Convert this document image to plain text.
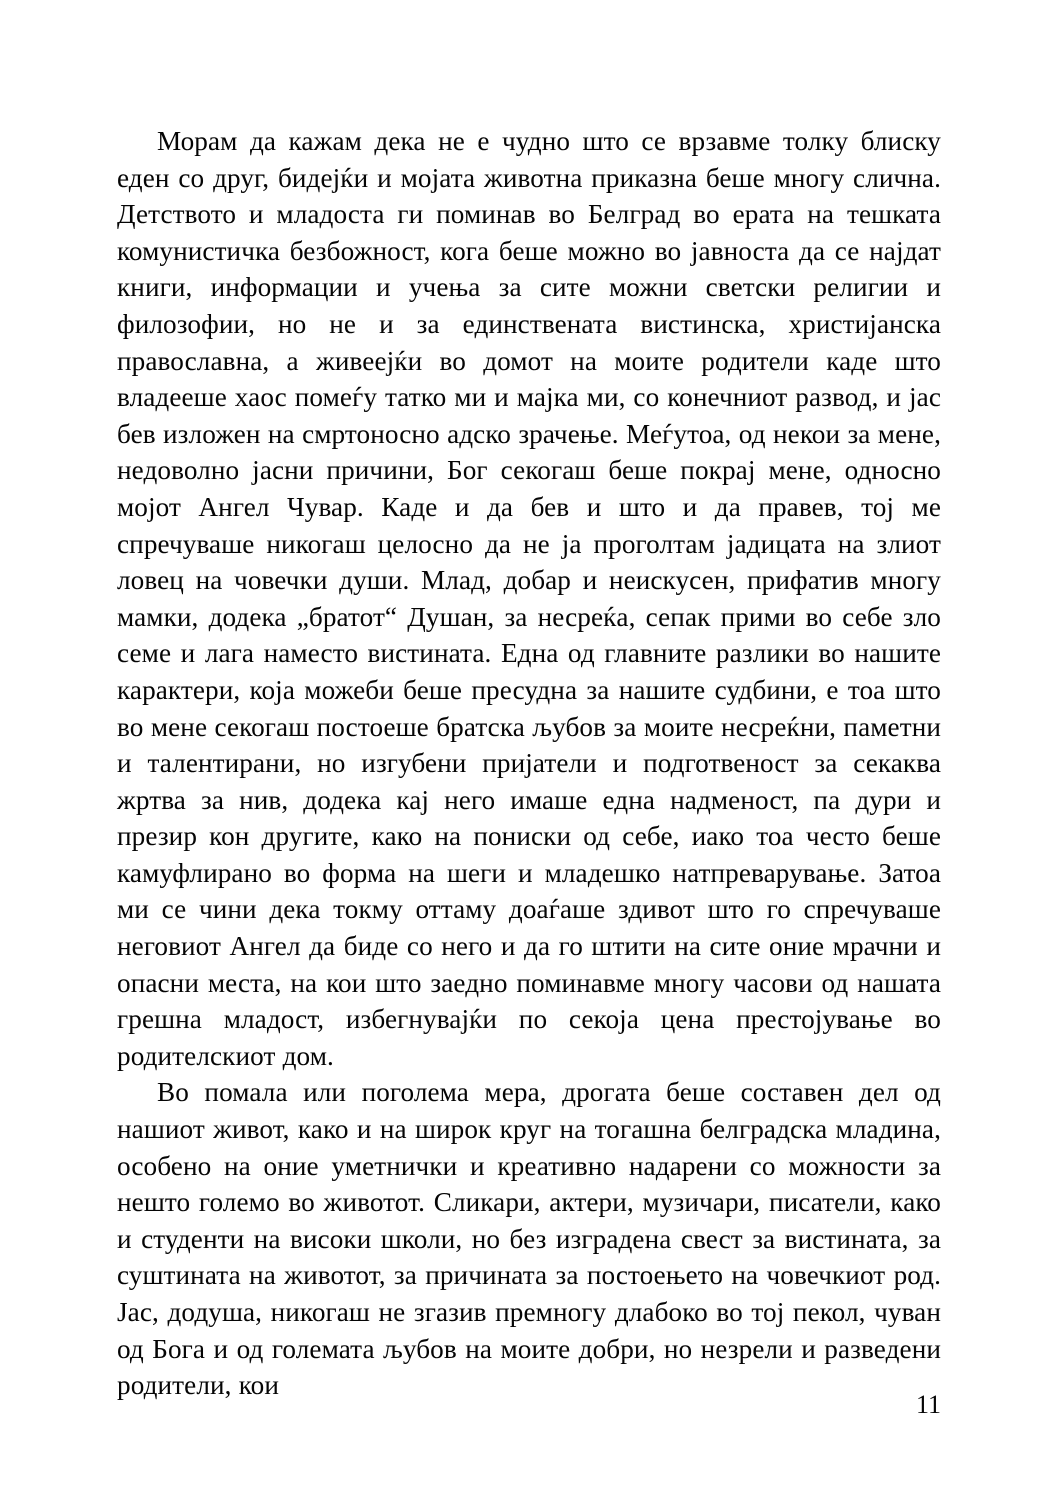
Морам да кажам дека не е чудно што се врзавме толку блиску еден со друг, бидејќи и мојата животна приказна беше многу слична. Детството и младоста ги поминав во Белград во ерата на тешката комунистичка безбожност, кога беше можно во јавноста да се најдат книги, информации и учења за сите можни светски религии и филозофии, но не и за единствената вистинска, христијанска православна, а живеејќи во домот на моите родители каде што владееше хаос помеѓу татко ми и мајка ми, со конечниот развод, и јас бев изложен на смртоносно адско зрачење. Меѓутоа, од некои за мене, недоволно јасни причини, Бог секогаш беше покрај мене, односно мојот Ангел Чувар. Каде и да бев и што и да правев, тој ме спречуваше никогаш целосно да не ја проголтам јадицата на злиот ловец на човечки души. Млад, добар и неискусен, прифатив многу мамки, додека „братот“ Душан, за несреќа, сепак прими во себе зло семе и лага наместо вистината. Една од главните разлики во нашите карактери, која можеби беше пресудна за нашите судбини, е тоа што во мене секогаш постоеше братска љубов за моите несреќни, паметни и талентирани, но изгубени пријатели и подготвеност за секаква жртва за нив, додека кај него имаше една надменост, па дури и презир кон другите, како на пониски од себе, иако тоа често беше камуфлирано во форма на шеги и младешко натпреварување. Затоа ми се чини дека токму оттаму доаѓаше здивот што го спречуваше неговиот Ангел да биде со него и да го штити на сите оние мрачни и опасни места, на кои што заедно поминавме многу часови од нашата грешна младост, избегнувајќи по секоја цена престојување во родителскиот дом.

Во помала или поголема мера, дрогата беше составен дел од нашиот живот, како и на широк круг на тогашна белградска младина, особено на оние уметнички и креативно надарени со можности за нешто големо во животот. Сликари, актери, музичари, писатели, како и студенти на високи школи, но без изградена свест за вистината, за суштината на животот, за причината за постоењето на човечкиот род. Јас, додуша, никогаш не згазив премногу длабоко во тој пекол, чуван од Бога и од големата љубов на моите добри, но незрели и разведени родители, кои

11
